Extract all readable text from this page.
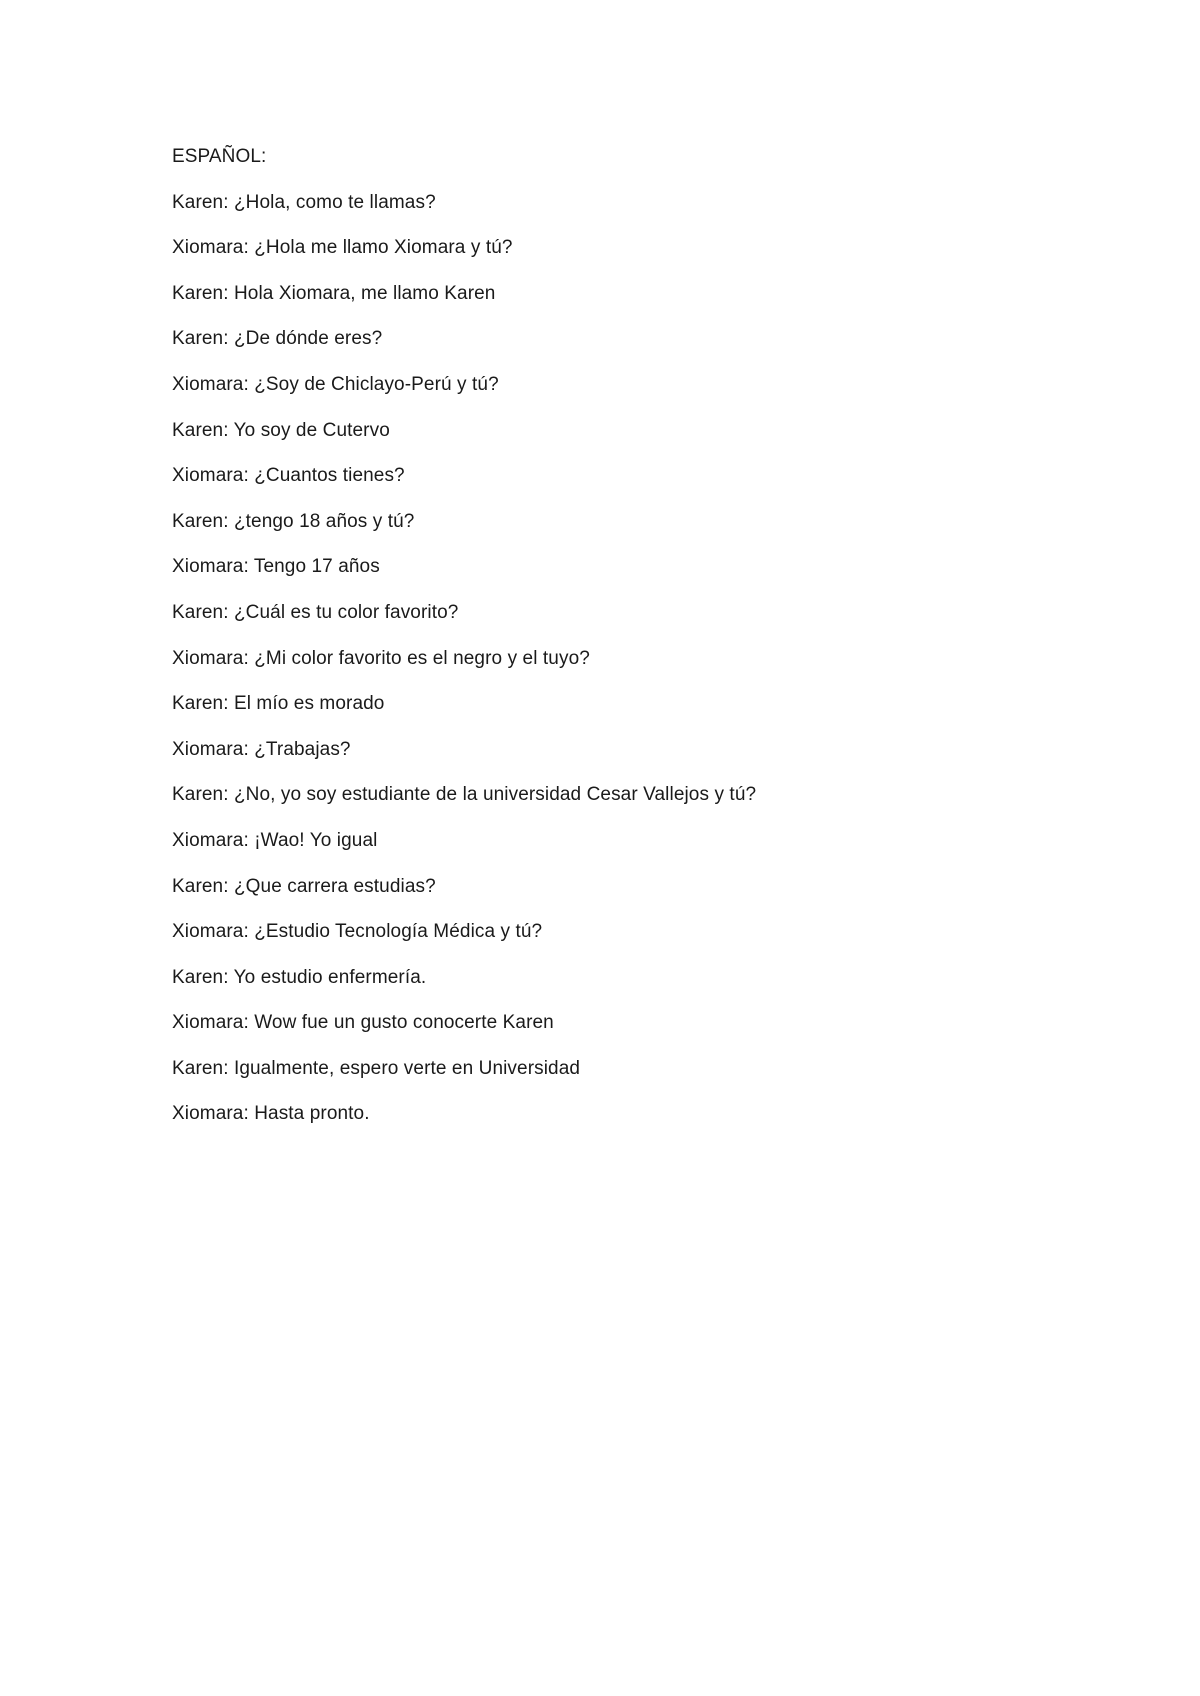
ESPAÑOL:
Karen: ¿Hola, como te llamas?
Xiomara: ¿Hola me llamo Xiomara y tú?
Karen: Hola Xiomara, me llamo Karen
Karen: ¿De dónde eres?
Xiomara: ¿Soy de Chiclayo-Perú y tú?
Karen: Yo soy de Cutervo
Xiomara: ¿Cuantos tienes?
Karen: ¿tengo 18 años y tú?
Xiomara: Tengo 17 años
Karen: ¿Cuál es tu color favorito?
Xiomara: ¿Mi color favorito es el negro y el tuyo?
Karen: El mío es morado
Xiomara: ¿Trabajas?
Karen: ¿No, yo soy estudiante de la universidad Cesar Vallejos y tú?
Xiomara: ¡Wao! Yo igual
Karen: ¿Que carrera estudias?
Xiomara: ¿Estudio Tecnología Médica y tú?
Karen: Yo estudio enfermería.
Xiomara: Wow fue un gusto conocerte Karen
Karen: Igualmente, espero verte en Universidad
Xiomara: Hasta pronto.
